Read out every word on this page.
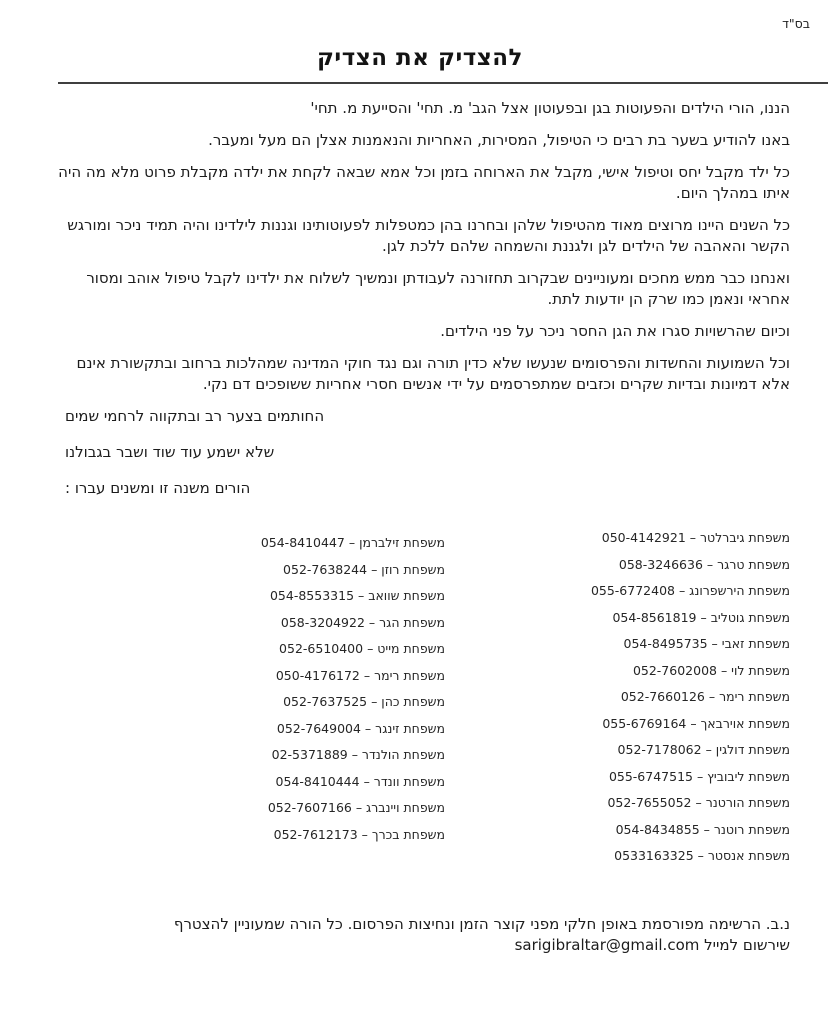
בס"ד
להצדיק את הצדיק

הננו, הורי הילדים והפעוטות בגן ובפעוטון אצל הגב' מ. תחי' והסייעת מ. תחי'

באנו להודיע בשער בת רבים כי הטיפול, המסירות, האחריות והנאמנות אצלן הם מעל ומעבר.

כל ילד מקבל יחס וטיפול אישי, מקבל את הארוחה בזמן וכל אמא שבאה לקחת את ילדה מקבלת פרוט מלא מה היה איתו במהלך היום.

כל השנים היינו מרוצים מאוד מהטיפול שלהן ובחרנו בהן כמטפלות לפעוטותינו וגננות לילדינו והיה תמיד ניכר ומורגש הקשר והאהבה של הילדים לגן ולגננת והשמחה שלהם ללכת לגן.

ואנחנו כבר ממש מחכים ומעוניינים שבקרוב תחזורנה לעבודתן ונמשיך לשלוח את ילדינו לקבל טיפול אוהב ומסור אחראי ונאמן כמו שרק הן יודעות לתת.

וכיום שהרשויות סגרו את הגן החסר ניכר על פני הילדים.

וכל השמועות והחשדות והפרסומים שנעשו שלא כדין תורה וגם נגד חוקי המדינה שמהלכות ברחוב ובתקשורת אינם אלא דמיונות ובדיות שקרים וכזבים שמתפרסמים על ידי אנשים חסרי אחריות ששופכים דם נקי.

החותמים בצער רב ובתקווה לרחמי שמים

שלא ישמע עוד שוד ושבר בגבולנו

הורים משנה זו ומשנים עברו :

משפחת גיברלטר – 050-4142921
משפחת טרגר – 058-3246636
משפחת הירשפרונג – 055-6772408
משפחת גוטליב – 054-8561819
משפחת זאבי – 054-8495735
משפחת לוי – 052-7602008
משפחת רימר – 052-7660126
משפחת אוירבאך – 055-6769164
משפחת דולגין – 052-7178062
משפחת ליבוביץ – 055-6747515
משפחת הורטנר – 052-7655052
משפחת רוטנר – 054-8434855
משפחת אנסטר – 0533163325
משפחת זילברמן – 054-8410447
משפחת רוזן – 052-7638244
משפחת שוואב – 054-8553315
משפחת הגר – 058-3204922
משפחת מייט – 052-6510400
משפחת רימר – 050-4176172
משפחת כהן – 052-7637525
משפחת זינגר – 052-7649004
משפחת הולנדר – 02-5371889
משפחת וונדר – 054-8410444
משפחת ויינברג – 052-7607166
משפחת בכרך – 052-7612173
נ.ב. הרשימה מפורסמת באופן חלקי מפני קוצר הזמן ונחיצות הפרסום. כל הורה שמעוניין להצטרף
שירשום למייל sarigibraltar@gmail.com
